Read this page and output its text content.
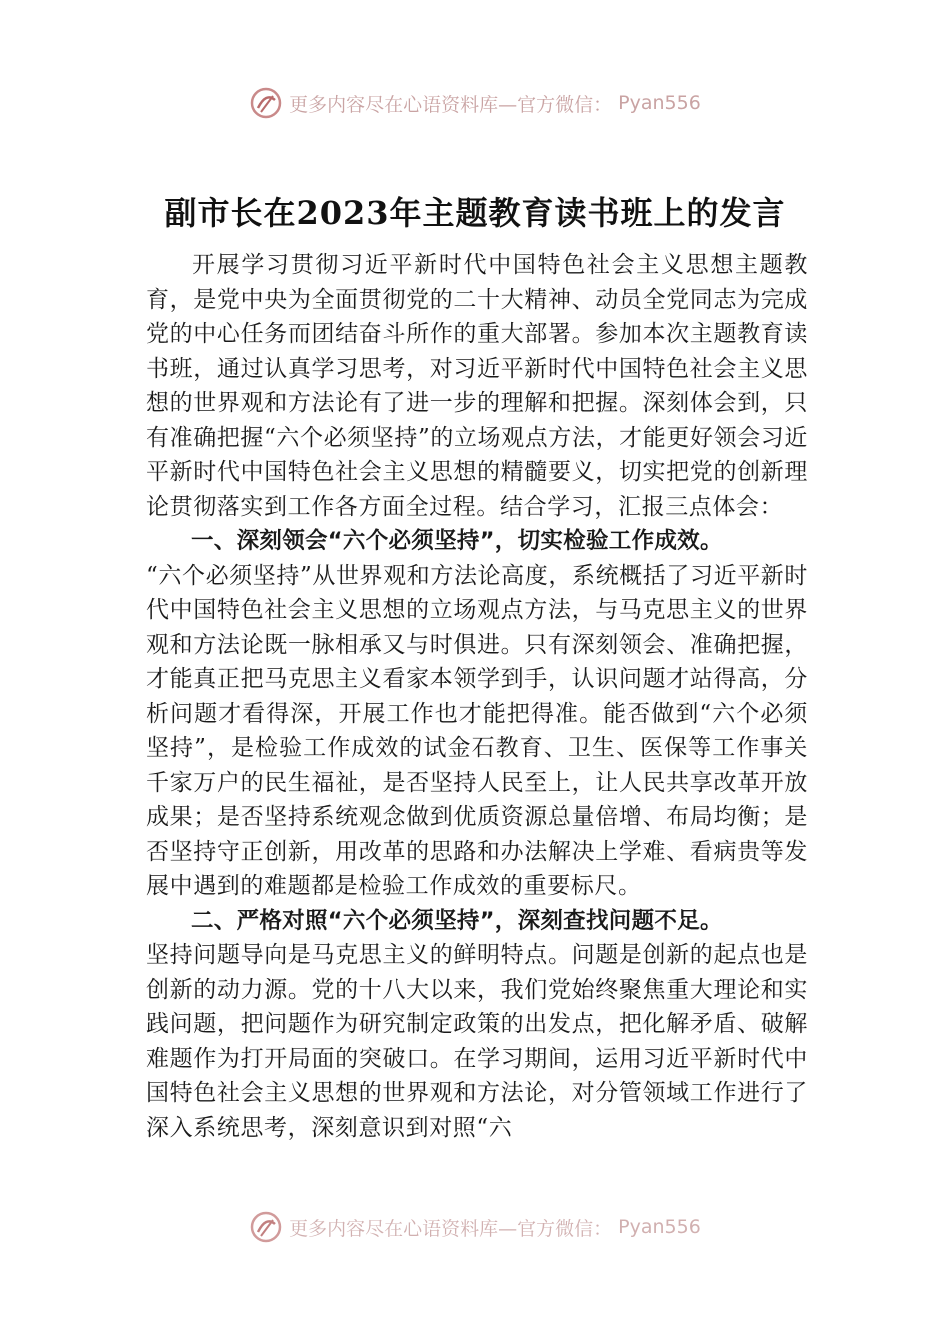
更多内容尽在心语资料库—官方微信： Pyan556
副市长在2023年主题教育读书班上的发言

开展学习贯彻习近平新时代中国特色社会主义思想主题教育，是党中央为全面贯彻党的二十大精神、动员全党同志为完成党的中心任务而团结奋斗所作的重大部署。参加本次主题教育读书班，通过认真学习思考，对习近平新时代中国特色社会主义思想的世界观和方法论有了进一步的理解和把握。深刻体会到，只有准确把握“六个必须坚持”的立场观点方法，才能更好领会习近平新时代中国特色社会主义思想的精髓要义，切实把党的创新理论贯彻落实到工作各方面全过程。结合学习，汇报三点体会：

一、深刻领会“六个必须坚持”，切实检验工作成效。

“六个必须坚持”从世界观和方法论高度，系统概括了习近平新时代中国特色社会主义思想的立场观点方法，与马克思主义的世界观和方法论既一脉相承又与时俱进。只有深刻领会、准确把握，才能真正把马克思主义看家本领学到手，认识问题才站得高，分析问题才看得深，开展工作也才能把得准。能否做到“六个必须坚持”，是检验工作成效的试金石教育、卫生、医保等工作事关千家万户的民生福祉，是否坚持人民至上，让人民共享改革开放成果；是否坚持系统观念做到优质资源总量倍增、布局均衡；是否坚持守正创新，用改革的思路和办法解决上学难、看病贵等发展中遇到的难题都是检验工作成效的重要标尺。

二、严格对照“六个必须坚持”，深刻查找问题不足。

坚持问题导向是马克思主义的鲜明特点。问题是创新的起点也是创新的动力源。党的十八大以来，我们党始终聚焦重大理论和实践问题，把问题作为研究制定政策的出发点，把化解矛盾、破解难题作为打开局面的突破口。在学习期间，运用习近平新时代中国特色社会主义思想的世界观和方法论，对分管领域工作进行了深入系统思考，深刻意识到对照“六

更多内容尽在心语资料库—官方微信： Pyan556
